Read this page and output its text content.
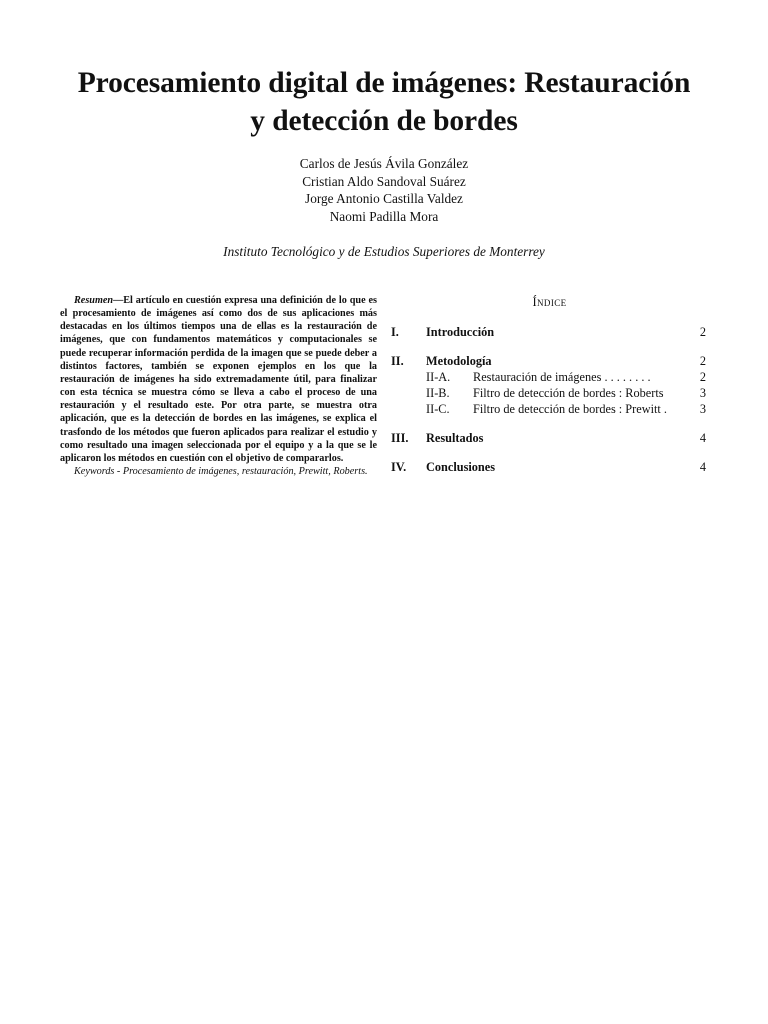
Procesamiento digital de imágenes: Restauración
y detección de bordes
Carlos de Jesús Ávila González
Cristian Aldo Sandoval Suárez
Jorge Antonio Castilla Valdez
Naomi Padilla Mora
Instituto Tecnológico y de Estudios Superiores de Monterrey

Resumen—El artículo en cuestión expresa una definición de lo que es el procesamiento de imágenes así como dos de sus aplicaciones más destacadas en los últimos tiempos una de ellas es la restauración de imágenes, que con fundamentos matemáticos y computacionales se puede recuperar información perdida de la imagen que se puede deber a distintos factores, también se exponen ejemplos en los que la restauración de imágenes ha sido extremadamente útil, para finalizar con esta técnica se muestra cómo se lleva a cabo el proceso de una restauración y el resultado este. Por otra parte, se muestra otra aplicación, que es la detección de bordes en las imágenes, se explica el trasfondo de los métodos que fueron aplicados para realizar el estudio y como resultado una imagen seleccionada por el equipo y a la que se le aplicaron los métodos en cuestión con el objetivo de compararlos.

Keywords - Procesamiento de imágenes, restauración, Prewitt, Roberts.

Índice
I. Introducción	2
II. Metodología	2
II-A. Restauración de imágenes . . . . . . . .	2
II-B. Filtro de detección de bordes : Roberts	3
II-C. Filtro de detección de bordes : Prewitt .	3
III. Resultados	4
IV. Conclusiones	4
